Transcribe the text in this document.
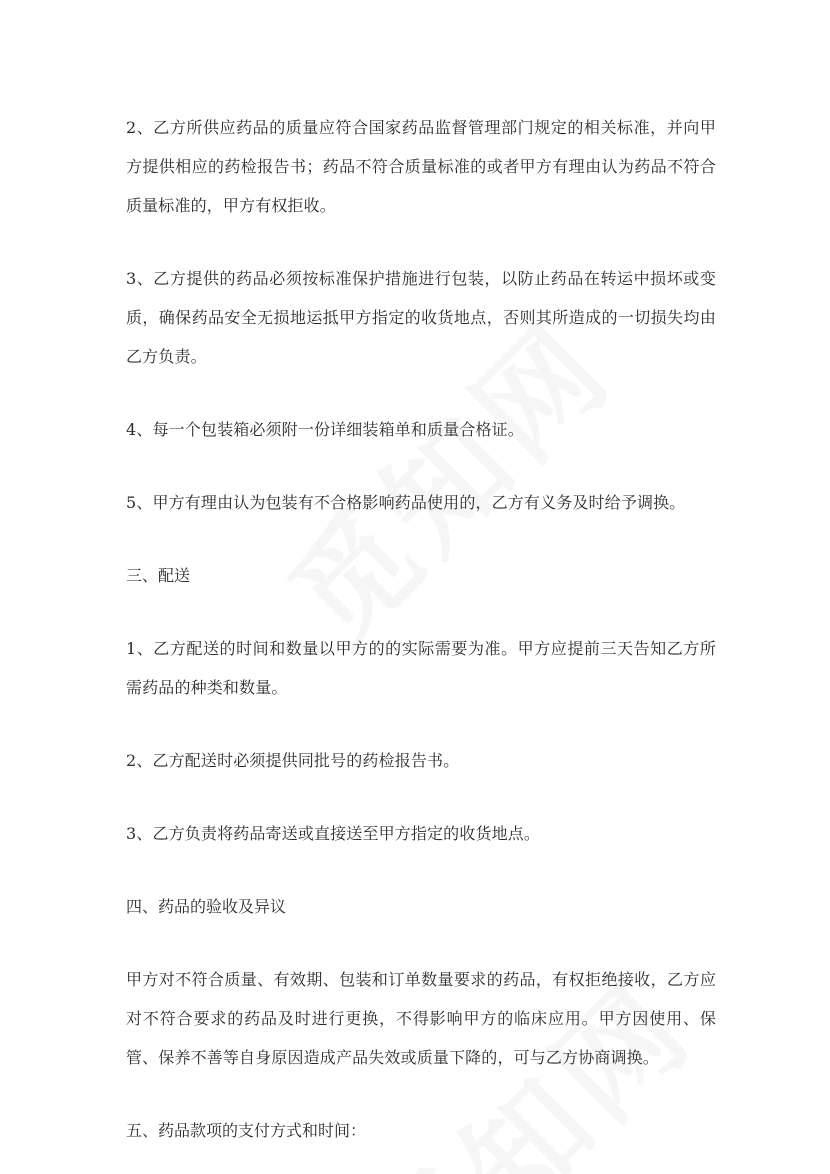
2、乙方所供应药品的质量应符合国家药品监督管理部门规定的相关标准，并向甲方提供相应的药检报告书；药品不符合质量标准的或者甲方有理由认为药品不符合质量标准的，甲方有权拒收。

3、乙方提供的药品必须按标准保护措施进行包装，以防止药品在转运中损坏或变质，确保药品安全无损地运抵甲方指定的收货地点，否则其所造成的一切损失均由乙方负责。

4、每一个包装箱必须附一份详细装箱单和质量合格证。

5、甲方有理由认为包装有不合格影响药品使用的，乙方有义务及时给予调换。

三、配送

1、乙方配送的时间和数量以甲方的的实际需要为准。甲方应提前三天告知乙方所需药品的种类和数量。

2、乙方配送时必须提供同批号的药检报告书。

3、乙方负责将药品寄送或直接送至甲方指定的收货地点。

四、药品的验收及异议

甲方对不符合质量、有效期、包装和订单数量要求的药品，有权拒绝接收，乙方应对不符合要求的药品及时进行更换，不得影响甲方的临床应用。甲方因使用、保管、保养不善等自身原因造成产品失效或质量下降的，可与乙方协商调换。

五、药品款项的支付方式和时间：
